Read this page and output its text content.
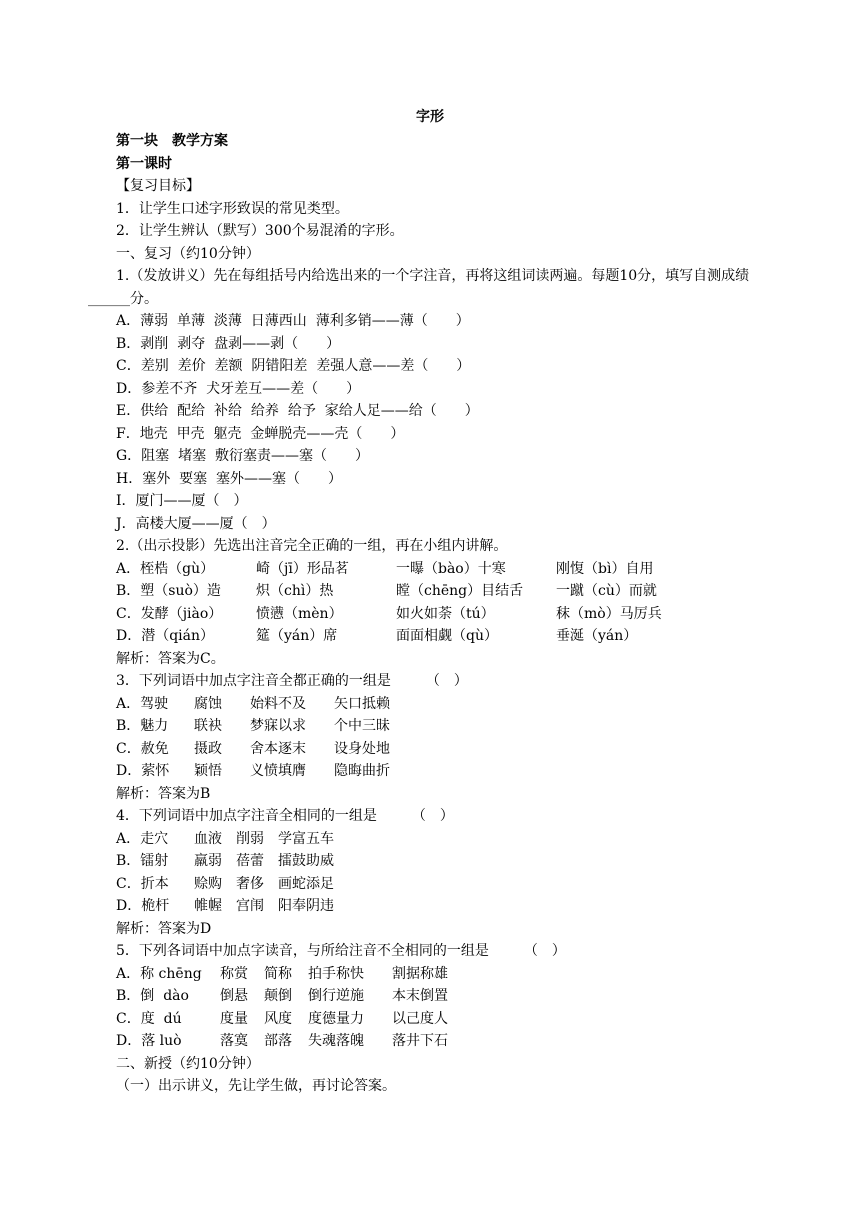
字形
第一块　教学方案
第一课时
【复习目标】
1．让学生口述字形致误的常见类型。
2．让学生辨认（默写）300个易混淆的字形。
一、复习（约10分钟）
1.（发放讲义）先在每组括号内给选出来的一个字注音，再将这组词读两遍。每题10分，填写自测成绩______分。
A．薄弱  单薄  淡薄  日薄西山  薄利多销——薄（　　）
B．剥削  剥夺  盘剥——剥（　　）
C．差别  差价  差额  阴错阳差  差强人意——差（　　）
D．参差不齐  犬牙差互——差（　　）
E．供给  配给  补给  给养  给予  家给人足——给（　　）
F．地壳  甲壳  躯壳  金蝉脱壳——壳（　　）
G．阻塞  堵塞  敷衍塞责——塞（　　）
H．塞外  要塞  塞外——塞（　　）
I．厦门——厦（　）
J．高楼大厦——厦（　）
2.（出示投影）先选出注音完全正确的一组，再在小组内讲解。
A．桎梏（gù）	崎（jī）形品茗	一曝（bào）十寒	刚愎（bì）自用
B．塑（suò）造	炽（chì）热	瞠（chēng）目结舌	一蹴（cù）而就
C．发酵（jiào）	愤懑（mèn）	如火如荼（tú）	秣（mò）马厉兵
D．潜（qián）	筵（yán）席	面面相觑（qù）	垂涎（yán）
解析：答案为C。
3．下列词语中加点字注音全都正确的一组是　　　（　）
A．驾驶	腐蚀	始料不及	矢口抵赖
B．魅力	联袂	梦寐以求	个中三昧
C．赦免	摄政	舍本逐末	设身处地
D．萦怀	颖悟	义愤填膺	隐晦曲折
解析：答案为B
4．下列词语中加点字注音全相同的一组是　　　（　）
A．走穴	血液	削弱	学富五车
B．镭射	羸弱	蓓蕾	擂鼓助威
C．折本	赊购	奢侈	画蛇添足
D．桅杆	帷幄	宫闱	阳奉阴违
解析：答案为D
5．下列各词语中加点字读音，与所给注音不全相同的一组是　　　（　）
A．称 chēng	称赏	简称	拍手称快	割据称雄
B．倒  dào	倒悬	颠倒	倒行逆施	本末倒置
C．度  dú	度量	风度	度德量力	以己度人
D．落 luò	落寞	部落	失魂落魄	落井下石
二、新授（约10分钟）
（一）出示讲义，先让学生做，再讨论答案。
